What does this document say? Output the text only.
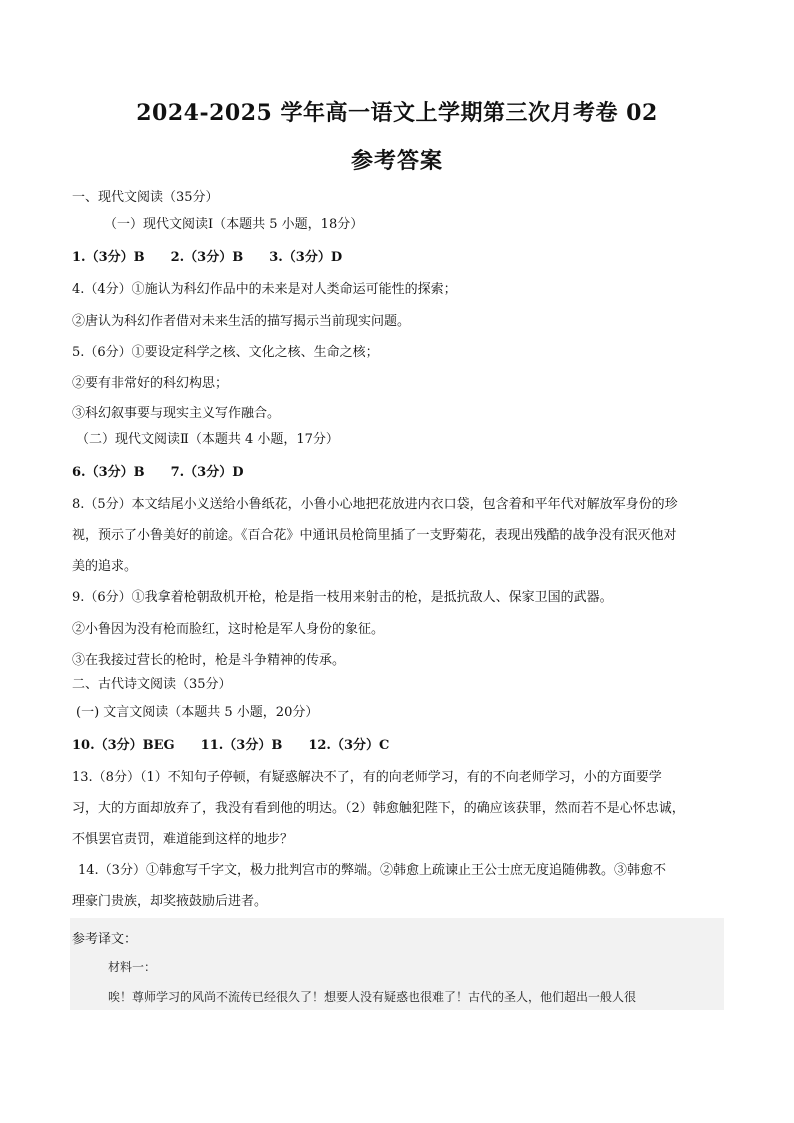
2024-2025 学年高一语文上学期第三次月考卷 02
参考答案
一、现代文阅读（35分）
（一）现代文阅读Ⅰ（本题共 5 小题，18分）
1.（3分）B 2.（3分）B 3.（3分）D
4.（4分）①施认为科幻作品中的未来是对人类命运可能性的探索；
②唐认为科幻作者借对未来生活的描写揭示当前现实问题。
5.（6分）①要设定科学之核、文化之核、生命之核；
②要有非常好的科幻构思；
③科幻叙事要与现实主义写作融合。
（二）现代文阅读Ⅱ（本题共 4 小题，17分）
6.（3分）B 7.（3分）D
8.（5分）本文结尾小义送给小鲁纸花，小鲁小心地把花放进内衣口袋，包含着和平年代对解放军身份的珍
视，预示了小鲁美好的前途。《百合花》中通讯员枪筒里插了一支野菊花，表现出残酷的战争没有泯灭他对
美的追求。
9.（6分）①我拿着枪朝敌机开枪，枪是指一枝用来射击的枪，是抵抗敌人、保家卫国的武器。
②小鲁因为没有枪而脸红，这时枪是军人身份的象征。
③在我接过营长的枪时，枪是斗争精神的传承。
二、古代诗文阅读（35分）
(一) 文言文阅读（本题共 5 小题，20分）
10.（3分）BEG 11.（3分）B 12.（3分）C
13.（8分）（1）不知句子停顿，有疑惑解决不了，有的向老师学习，有的不向老师学习，小的方面要学
习，大的方面却放弃了，我没有看到他的明达。（2）韩愈触犯陛下，的确应该获罪，然而若不是心怀忠诚，
不惧罢官责罚，难道能到这样的地步？
14.（3分）①韩愈写千字文，极力批判宫市的弊端。②韩愈上疏谏止王公士庶无度追随佛教。③韩愈不
理豪门贵族，却奖掖鼓励后进者。
参考译文：
材料一：
唉！尊师学习的风尚不流传已经很久了！想要人没有疑惑也很难了！古代的圣人，他们超出一般人很
